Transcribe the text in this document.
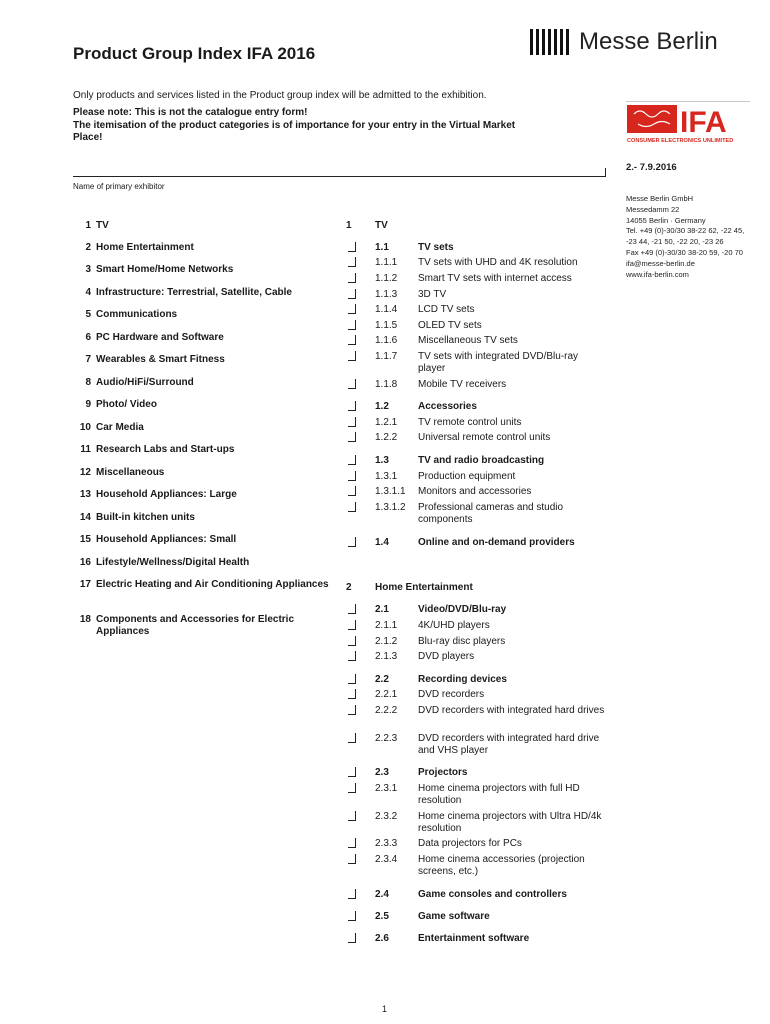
Product Group Index IFA 2016	Messe Berlin
Only products and services listed in the Product group index will be admitted to the exhibition.
Please note: This is not the catalogue entry form!
The itemisation of the product categories is of importance for your entry in the Virtual Market
Place!	IFA
CONSUMER ELECTRONICS UNLIMITED
2.- 7.9.2016
Name of primary exhibitor
Messe Berlin GmbH
Messedamm 22
14055 Berlin · Germany
Tel. +49 (0)-30/30 38-22 62, -22 45,
-23 44, -21 50, -22 20, -23 26
Fax +49 (0)-30/30 38-20 59, -20 70
ifa@messe-berlin.de
www.ifa-berlin.com
1 TV
2 Home Entertainment
3 Smart Home/Home Networks
4 Infrastructure: Terrestrial, Satellite, Cable
5 Communications
6 PC Hardware and Software
7 Wearables & Smart Fitness
8 Audio/HiFi/Surround
9 Photo/ Video
10 Car Media
11 Research Labs and Start-ups
12 Miscellaneous
13 Household Appliances: Large
14 Built-in kitchen units
15 Household Appliances: Small
16 Lifestyle/Wellness/Digital Health
17 Electric Heating and Air Conditioning Appliances
18 Components and Accessories for Electric Appliances
1 TV
2 Home Entertainment
1.1	TV sets
1.1.1 TV sets with UHD and 4K resolution
1.1.2 Smart TV sets with internet access
1.1.3 3D TV
1.1.4 LCD TV sets
1.1.5 OLED TV sets
1.1.6 Miscellaneous TV sets
1.1.7 TV sets with integrated DVD/Blu-ray player
1.1.8 Mobile TV receivers
1.2	Accessories
1.2.1 TV remote control units
1.2.2 Universal remote control units
1.3	TV and radio broadcasting
1.3.1 Production equipment
1.3.1.1 Monitors and accessories
1.3.1.2 Professional cameras and studio components
1.4	Online and on-demand providers
2.1	Video/DVD/Blu-ray
2.1.1 4K/UHD players
2.1.2 Blu-ray disc players
2.1.3 DVD players
2.2	Recording devices
2.2.1 DVD recorders
2.2.2 DVD recorders with integrated hard drives
2.2.3 DVD recorders with integrated hard drive and VHS player
2.3	Projectors
2.3.1 Home cinema projectors with full HD resolution
2.3.2 Home cinema projectors with Ultra HD/4k resolution
2.3.3 Data projectors for PCs
2.3.4 Home cinema accessories (projection screens, etc.)
2.4	Game consoles and controllers
2.5	Game software
2.6	Entertainment software
1
